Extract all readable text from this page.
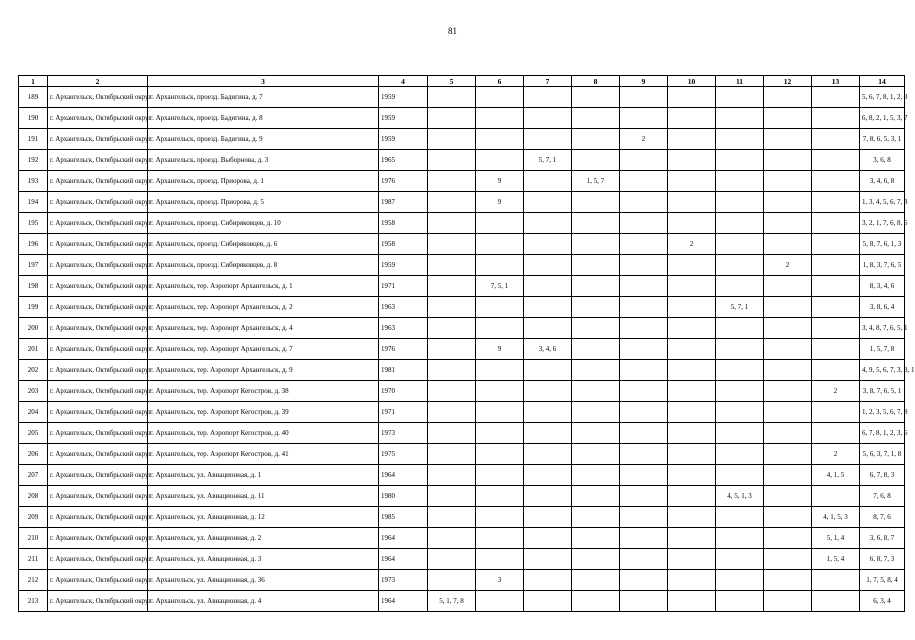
81
1	2	3	4	5	6	7	8	9	10	11	12	13	14
189	г. Архангельск, Октябрьский округ	г. Архангельск, проезд. Бадигина, д. 7	1959										5, 6, 7, 8, 1, 2, 3
190	г. Архангельск, Октябрьский округ	г. Архангельск, проезд. Бадигина, д. 8	1959										6, 8, 2, 1, 5, 3, 7
191	г. Архангельск, Октябрьский округ	г. Архангельск, проезд. Бадигина, д. 9	1959					2					7, 8, 6, 5, 3, 1
192	г. Архангельск, Октябрьский округ	г. Архангельск, проезд. Выборнова, д. 3	1965			5, 7, 1							3, 6, 8
193	г. Архангельск, Октябрьский округ	г. Архангельск, проезд. Приорова, д. 1	1976		9		1, 5, 7						3, 4, 6, 8
194	г. Архангельск, Октябрьский округ	г. Архангельск, проезд. Приорова, д. 5	1987		9								1, 3, 4, 5, 6, 7, 8
195	г. Архангельск, Октябрьский округ	г. Архангельск, проезд. Сибиряковцев, д. 10	1958										3, 2, 1, 7, 6, 8, 5
196	г. Архангельск, Октябрьский округ	г. Архангельск, проезд. Сибиряковцев, д. 6	1958						2				5, 8, 7, 6, 1, 3
197	г. Архангельск, Октябрьский округ	г. Архангельск, проезд. Сибиряковцев, д. 8	1959								2		1, 8, 3, 7, 6, 5
198	г. Архангельск, Октябрьский округ	г. Архангельск, тер. Аэропорт Архангельск, д. 1	1971		7, 5, 1								8, 3, 4, 6
199	г. Архангельск, Октябрьский округ	г. Архангельск, тер. Аэропорт Архангельск, д. 2	1963							5, 7, 1			3, 8, 6, 4
200	г. Архангельск, Октябрьский округ	г. Архангельск, тер. Аэропорт Архангельск, д. 4	1963										3, 4, 8, 7, 6, 5, 1
201	г. Архангельск, Октябрьский округ	г. Архангельск, тер. Аэропорт Архангельск, д. 7	1976		9	3, 4, 6							1, 5, 7, 8
202	г. Архангельск, Октябрьский округ	г. Архангельск, тер. Аэропорт Архангельск, д. 9	1981										4, 9, 5, 6, 7, 3, 8, 1
203	г. Архангельск, Октябрьский округ	г. Архангельск, тер. Аэропорт Кегостров, д. 38	1970									2	3, 8, 7, 6, 5, 1
204	г. Архангельск, Октябрьский округ	г. Архангельск, тер. Аэропорт Кегостров, д. 39	1971										1, 2, 3, 5, 6, 7, 8
205	г. Архангельск, Октябрьский округ	г. Архангельск, тер. Аэропорт Кегостров, д. 40	1973										6, 7, 8, 1, 2, 3, 5
206	г. Архангельск, Октябрьский округ	г. Архангельск, тер. Аэропорт Кегостров, д. 41	1975									2	5, 6, 3, 7, 1, 8
207	г. Архангельск, Октябрьский округ	г. Архангельск, ул. Авиационная, д. 1	1964									4, 1, 5	6, 7, 8, 3
208	г. Архангельск, Октябрьский округ	г. Архангельск, ул. Авиационная, д. 11	1980							4, 5, 1, 3			7, 6, 8
209	г. Архангельск, Октябрьский округ	г. Архангельск, ул. Авиационная, д. 12	1985									4, 1, 5, 3	8, 7, 6
210	г. Архангельск, Октябрьский округ	г. Архангельск, ул. Авиационная, д. 2	1964									5, 1, 4	3, 6, 8, 7
211	г. Архангельск, Октябрьский округ	г. Архангельск, ул. Авиационная, д. 3	1964									1, 5, 4	6, 8, 7, 3
212	г. Архангельск, Октябрьский округ	г. Архангельск, ул. Авиационная, д. 36	1973		3								1, 7, 5, 8, 4
213	г. Архангельск, Октябрьский округ	г. Архангельск, ул. Авиационная, д. 4	1964	5, 1, 7, 8									6, 3, 4
